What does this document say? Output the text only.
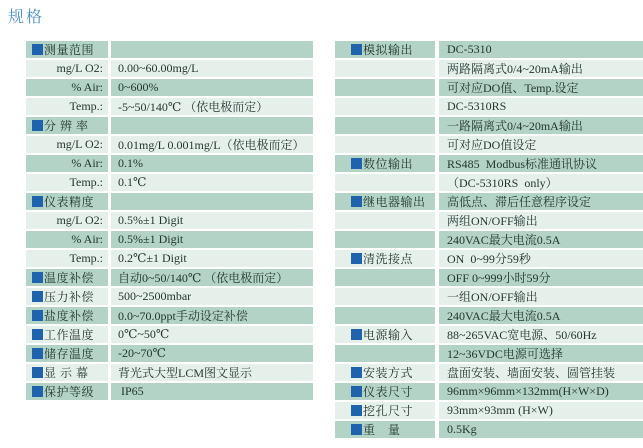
规格
测量范围
mg/L O2:	0.00~60.00mg/L
% Air:	0~600%
Temp.:	-5~50/140℃ （依电极而定）
分 辨 率
mg/L O2:	0.01mg/L 0.001mg/L（依电极而定）
% Air:	0.1%
Temp.:	0.1℃
仪表精度
mg/L O2:	0.5%±1 Digit
% Air:	0.5%±1 Digit
Temp.:	0.2℃±1 Digit
温度补偿	自动0~50/140℃ （依电极而定）
压力补偿	500~2500mbar
盐度补偿	0.0~70.0ppt手动设定补偿
工作温度	0℃~50℃
储存温度	-20~70℃
显 示 幕	背光式大型LCM图文显示
保护等级	IP65
模拟输出	DC-5310
两路隔离式0/4~20mA输出
可对应DO值、Temp.设定
DC-5310RS
一路隔离式0/4~20mA输出
可对应DO值设定
数位输出	RS485  Modbus标准通讯协议
（DC-5310RS  only）
继电器输出	高低点、滞后任意程序设定
两组ON/OFF输出
240VAC最大电流0.5A
清洗接点	ON  0~99分59秒
OFF 0~999小时59分
一组ON/OFF输出
240VAC最大电流0.5A
电源输入	88~265VAC宽电源、50/60Hz
12~36VDC电源可选择
安装方式	盘面安装、墙面安装、圆管挂装
仪表尺寸	96mm×96mm×132mm(H×W×D)
挖孔尺寸	93mm×93mm (H×W)
重　量	0.5Kg
